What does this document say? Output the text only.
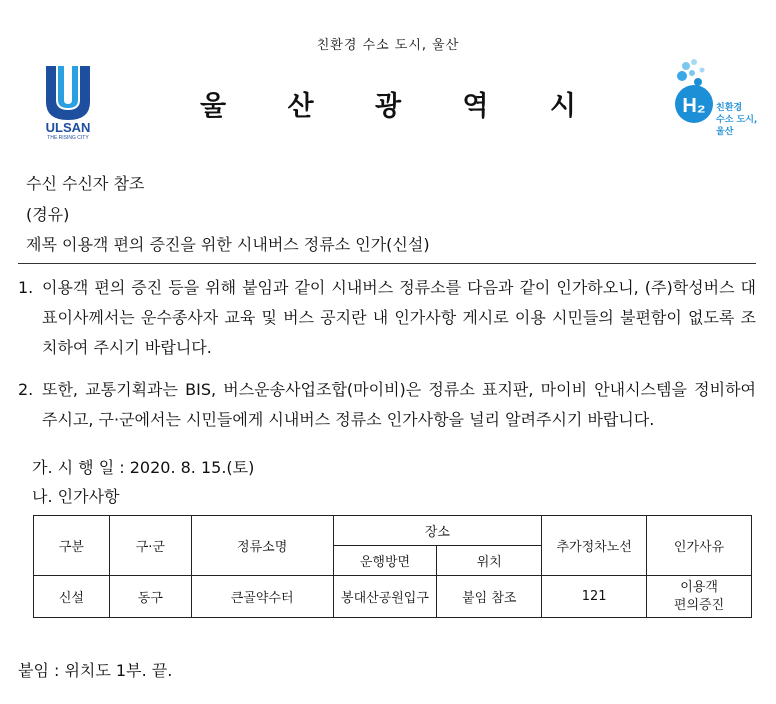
친환경 수소 도시, 울산
ULSAN
THE RISING CITY
울 산 광 역 시	H₂ 친환경
수소 도시,
울산
수신 수신자 참조
(경유)
제목 이용객 편의 증진을 위한 시내버스 정류소 인가(신설)
1. 이용객 편의 증진 등을 위해 붙임과 같이 시내버스 정류소를 다음과 같이 인가하오니, (주)학성버스 대표이사께서는 운수종사자 교육 및 버스 공지란 내 인가사항 게시로 이용 시민들의 불편함이 없도록 조치하여 주시기 바랍니다.
2. 또한, 교통기획과는 BIS, 버스운송사업조합(마이비)은 정류소 표지판, 마이비 안내시스템을 정비하여 주시고, 구·군에서는 시민들에게 시내버스 정류소 인가사항을 널리 알려주시기 바랍니다.
가. 시 행 일 : 2020. 8. 15.(토)
나. 인가사항
구분	구·군	정류소명	장소		추가정차노선	인가사유
			운행방면	위치		
신설	동구	큰골약수터	봉대산공원입구	붙임 참조	121	이용객
편의증진
붙임 : 위치도 1부. 끝.
